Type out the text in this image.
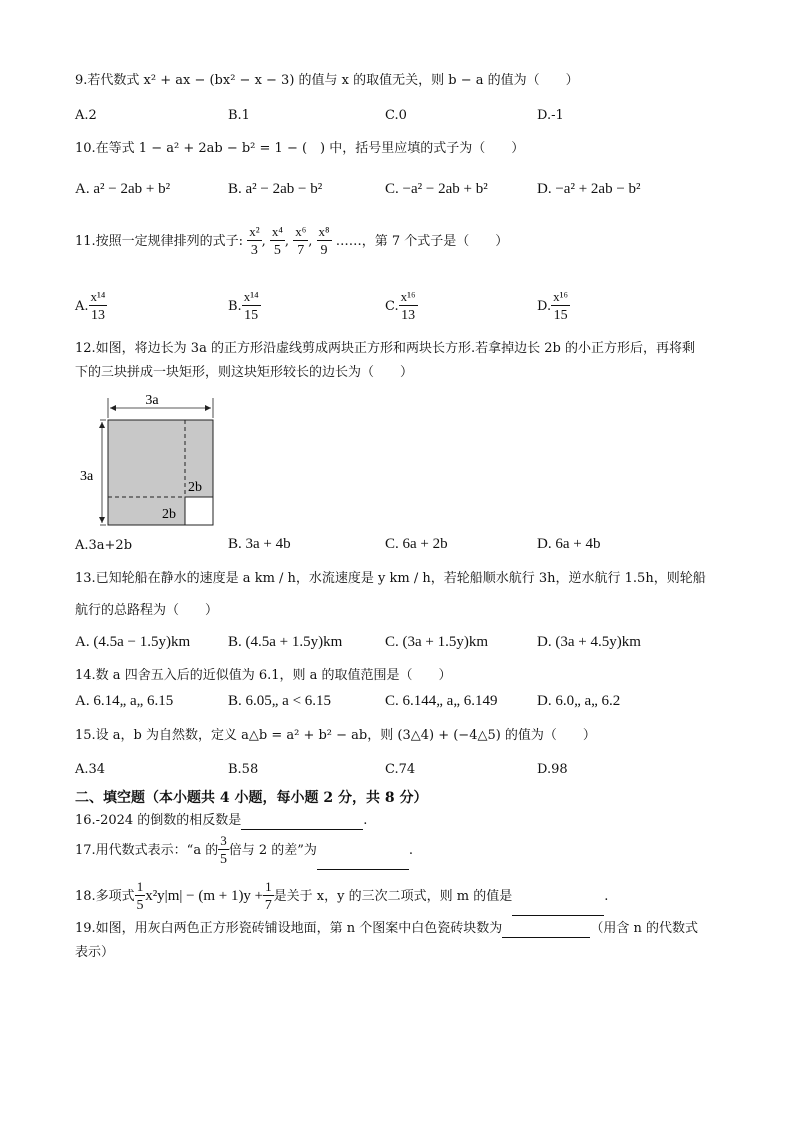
9.若代数式 x² + ax − (bx² − x − 3) 的值与 x 的取值无关，则 b − a 的值为（　　）
A.2	B.1	C.0	D.-1
10.在等式 1 − a² + 2ab − b² = 1 − (　) 中，括号里应填的式子为（　　）
A. a² − 2ab + b²	B. a² − 2ab − b²	C. −a² − 2ab + b²	D. −a² + 2ab − b²
11.按照一定规律排列的式子: $\frac{\text{x²}}{3}$ , $\frac{\text{x⁴}}{5}$ , $\frac{\text{x⁶}}{7}$ , $\frac{\text{x⁸}}{9}$ ……，第 7 个式子是（　　）
A. $\frac{\text{x¹⁴}}{13}$	B. $\frac{\text{x¹⁴}}{15}$	C. $\frac{\text{x¹⁶}}{13}$	D. $\frac{\text{x¹⁶}}{15}$
12.如图，将边长为 3a 的正方形沿虚线剪成两块正方形和两块长方形.若拿掉边长 2b 的小正方形后，再将剩
下的三块拼成一块矩形，则这块矩形较长的边长为（　　）
3a
3a
2b
2b
A.3a+2b	B. 3a + 4b	C. 6a + 2b	D. 6a + 4b
13.已知轮船在静水的速度是 a km / h，水流速度是 y km / h，若轮船顺水航行 3h，逆水航行 1.5h，则轮船
航行的总路程为（　　）
A. (4.5a − 1.5y)km	B. (4.5a + 1.5y)km	C. (3a + 1.5y)km	D. (3a + 4.5y)km
14.数 a 四舍五入后的近似值为 6.1，则 a 的取值范围是（　　）
A. 6.14„ a„ 6.15	B. 6.05„ a < 6.15	C. 6.144„ a„ 6.149	D. 6.0„ a„ 6.2
15.设 a，b 为自然数，定义 a△b = a² + b² − ab，则 (3△4) + (−4△5) 的值为（　　）
A.34	B.58	C.74	D.98
二、填空题（本小题共 4 小题，每小题 2 分，共 8 分）
16.-2024 的倒数的相反数是	.
17.用代数式表示：“a 的 $\frac{3}{5}$ 倍与 2 的差”为	.
18.多项式 $\frac{1}{5} x^2y|m| - (m + 1)y + \frac{1}{7}$ 是关于 x，y 的三次二项式，则 m 的值是	.
19.如图，用灰白两色正方形瓷砖铺设地面，第 n 个图案中白色瓷砖块数为	（用含 n 的代数式
表示）
